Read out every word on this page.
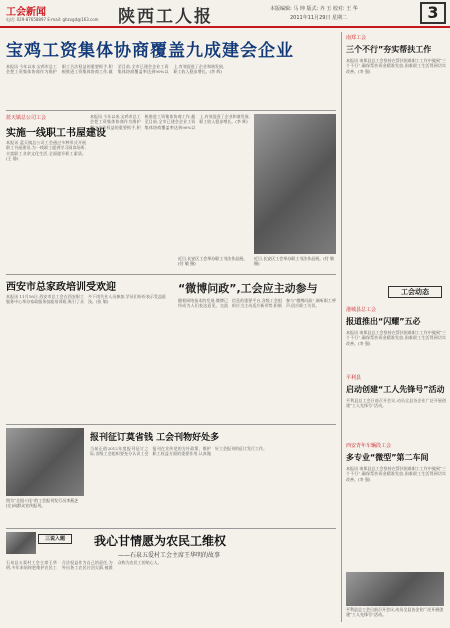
工会新闻
电话: 029-87658897 E-mail: ghzxgd@163.com 陕西工人报	本版编辑: 马 坤 版式: 齐 玉 校对: 王 华
2011年11月29日 星期二	3
宝鸡工资集体协商覆盖九成建会企业
本报讯 今年以来,宝鸡市总工会把工资集体协商作为维护职工合法权益的重要抓手,积极推进工资集体协商工作,截至目前,全市已建会企业工资集体协商覆盖率达到90%以上,有效促进了企业和谐发展,职工收入稳步增长。(李 辉)
南郑工会
三个不行”夯实帮扶工作
本报讯 南郑县总工会坚持在帮扶困难职工工作中做到“三个不行”,确保帮扶资金精准发放,困难职工生活得到切实改善。(李 强)
工会动态
港城县总工会
报道推出“闪耀”五必
本报讯 南郑县总工会坚持在帮扶困难职工工作中做到“三个不行”,确保帮扶资金精准发放,困难职工生活得到切实改善。(李 强)
平利县
启动创建“工人先锋号”活动
平利县总工会日前召开会议,动员全县各企业广泛开展创建“工人先锋号”活动。
西安青年车辆段工会
多专业“微型”第二车间
本报讯 南郑县总工会坚持在帮扶困难职工工作中做到“三个不行”,确保帮扶资金精准发放,困难职工生活得到切实改善。(李 强)
平利县总工会日前召开会议,动员全县各企业广泛开展创建“工人先锋号”活动。
蓝天镇总公司工会
实施一线职工书屋建设
本报讯 蓝天镇总公司工会通过多种形式开展职工书屋建设,为一线职工提供学习阅读场所,丰富职工业余文化生活,全面提升职工素质。(王 静)
本报讯 今年以来,宝鸡市总工会把工资集体协商作为维护职工合法权益的重要抓手,积极推进工资集体协商工作,截至目前,全市已建会企业工资集体协商覆盖率达到90%以上,有效促进了企业和谐发展,职工收入稳步增长。(李 辉)
近日,长安区工会举办职工书法作品展。(付 敏 摄)
近日,长安区工会举办职工书法作品展。(付 敏 摄)
西安市总家政培训受欢迎
本报讯 11月16日,西安市总工会在西安职工服务中心举办家政服务技能培训班,吸引了众多下岗失业人员参加,学员们纷纷表示受益匪浅。(张 敏)
“微博问政”,工会应主动参与
随着网络技术的发展,微博已经成为人们表达意见、交流信息的重要平台,各级工会组织应当主动适应新形势,积极参与“微博问政”,倾听职工呼声,回应职工关切。
图为“全国十佳”的工会报刊发行员李燕芝(左)向群众宣传报刊。
报刊征订莫省钱 工会刊物好处多
当前正值2012年度报刊征订之际,各级工会组织要充分认识工会报刊在宣传党的方针政策、维护职工权益方面的重要作用,认真做好工会报刊的征订发行工作。
我心甘情愿为农民工维权
——石泉五爱村工会主席王华明的故事
三说入题
石泉县五爱村工会主席王华明,多年来始终把维护农民工合法权益作为自己的责任,为外出务工农民讨回欠薪,被群众称为农民工的贴心人。
